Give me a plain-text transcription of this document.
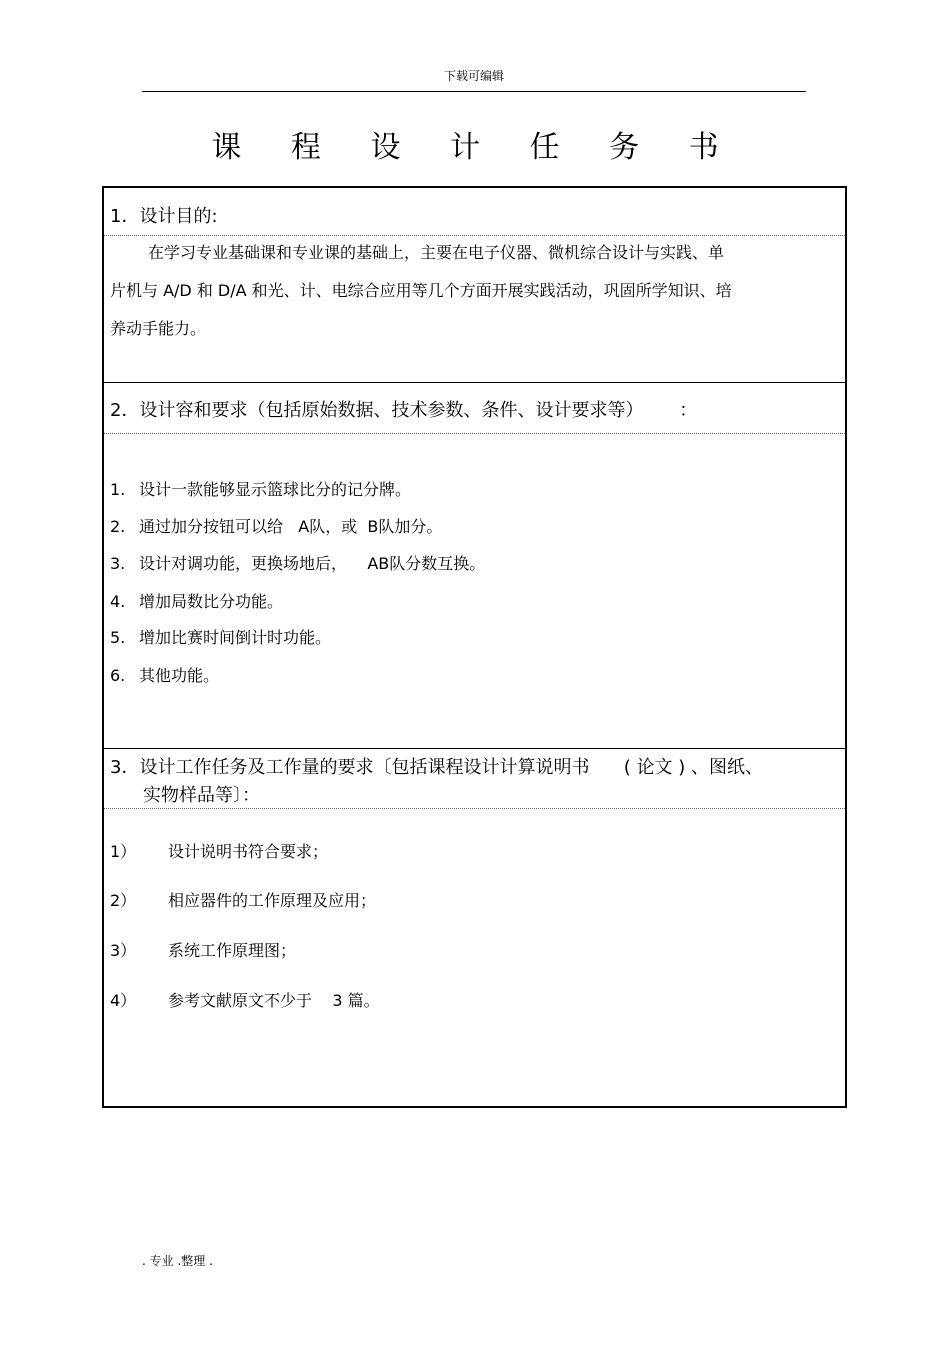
下载可编辑
课 程 设 计 任 务 书
1．设计目的:
在学习专业基础课和专业课的基础上，主要在电子仪器、微机综合设计与实践、单
片机与 A/D 和 D/A 和光、计、电综合应用等几个方面开展实践活动，巩固所学知识、培
养动手能力。
2．设计容和要求（包括原始数据、技术参数、条件、设计要求等） ：
1. 设计一款能够显示篮球比分的记分牌。
2. 通过加分按钮可以给   A队，或  B队加分。
3. 设计对调功能，更换场地后，    AB队分数互换。
4. 增加局数比分功能。
5. 增加比赛时间倒计时功能。
6. 其他功能。
3．设计工作任务及工作量的要求〔包括课程设计计算说明书      ( 论文 ) 、图纸、
实物样品等〕：
1） 设计说明书符合要求；
2） 相应器件的工作原理及应用；
3） 系统工作原理图；
4） 参考文献原文不少于    3 篇。
. 专业 .整理 .
